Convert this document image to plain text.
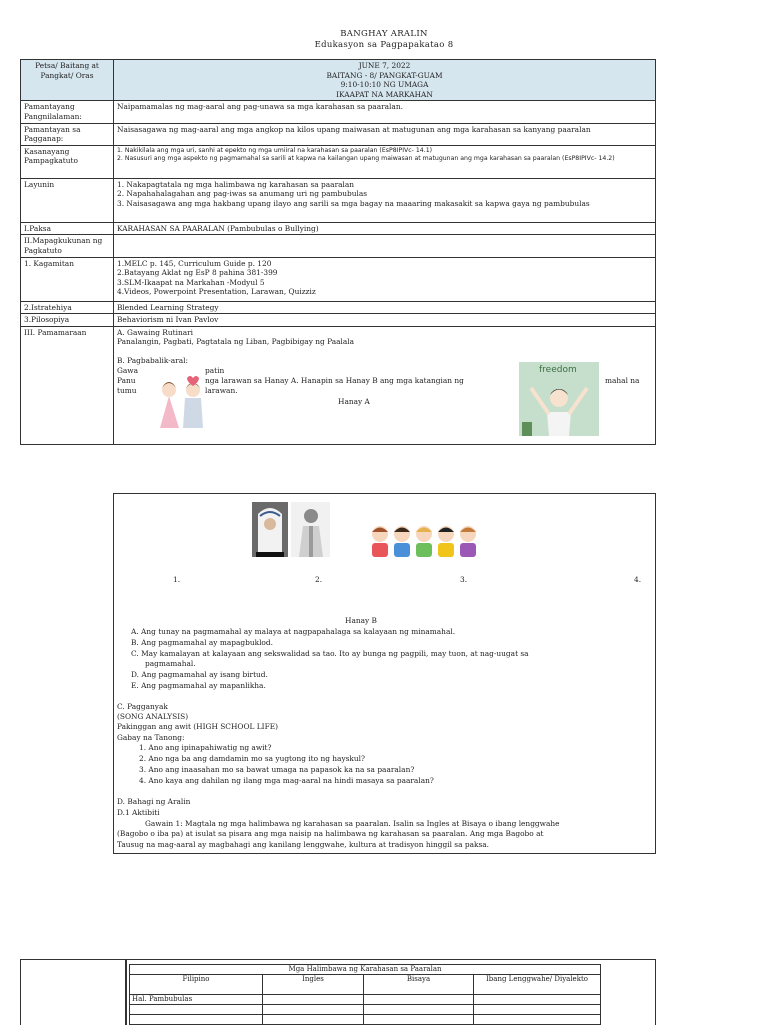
BANGHAY ARALIN
Edukasyon sa Pagpapakatao 8
Petsa/ Baitang at Pangkat/ Oras	JUNE 7, 2022
BAITANG - 8/ PANGKAT-GUAM
9:10-10:10 NG UMAGA
IKAAPAT NA MARKAHAN

Pamantayang Pangnilalaman:	Naipamamalas ng mag-aaral ang pag-unawa sa mga karahasan sa paaralan.
Pamantayan sa Pagganap:	Naisasagawa ng mag-aaral ang mga angkop na kilos upang maiwasan at matugunan ang mga karahasan sa kanyang paaralan
Kasanayang Pampagkatuto	1. Nakikilala ang mga uri, sanhi at epekto ng mga umiiral na karahasan sa paaralan (EsP8IPIVc- 14.1)
2. Nasusuri ang mga aspekto ng pagmamahal sa sarili at kapwa na kailangan upang maiwasan at matugunan ang mga karahasan sa paaralan (EsP8IPIVc- 14.2)

Layunin	1. Nakapagtatala ng mga halimbawa ng karahasan sa paaralan
2. Napahahalagahan ang pag-iwas sa anumang uri ng pambubulas
3. Naisasagawa ang mga hakbang upang ilayo ang sarili sa mga bagay na maaaring makasakit sa kapwa gaya ng pambubulas

I.Paksa	KARAHASAN SA PAARALAN (Pambubulas o Bullying)
II.Mapagkukunan ng Pagkatuto	
1. Kagamitan	1.MELC p. 145, Curriculum Guide p. 120
2.Batayang Aklat ng EsP 8 pahina 381-399
3.SLM-Ikaapat na Markahan -Modyul 5
4.Videos, Powerpoint Presentation, Larawan, Quizziz

2.Istratehiya	Blended Learning Strategy
3.Pilosopiya	Behaviorism ni Ivan Pavlov
III. Pamamaraan	A. Gawaing Rutinari
Panalangin, Pagbati, Pagtatala ng Liban, Pagbibigay ng Paalala
B. Pagbabalik-aral:
Gawa	patin
Panu	nga larawan sa Hanay A. Hanapin sa Hanay B ang mga katangian ng	mahal na
tumu	larawan.
Hanay A
freedom
1.	2.	3.	4.
Hanay B
A. Ang tunay na pagmamahal ay malaya at nagpapahalaga sa kalayaan ng minamahal.
B. Ang pagmamahal ay mapagbuklod.
C. May kamalayan at kalayaan ang sekswalidad sa tao. Ito ay bunga ng pagpili, may tuon, at nag-uugat sa
pagmamahal.
D. Ang pagmamahal ay isang birtud.
E. Ang pagmamahal ay mapanlikha.
C. Pagganyak
(SONG ANALYSIS)
Pakinggan ang awit (HIGH SCHOOL LIFE)
Gabay na Tanong:
1. Ano ang ipinapahiwatig ng awit?
2. Ano nga ba ang damdamin mo sa yugtong ito ng hayskul?
3. Ano ang inaasahan mo sa bawat umaga na papasok ka na sa paaralan?
4. Ano kaya ang dahilan ng ilang mga mag-aaral na hindi masaya sa paaralan?
D. Bahagi ng Aralin
D.1 Aktibiti
Gawain 1: Magtala ng mga halimbawa ng karahasan sa paaralan. Isalin sa Ingles at Bisaya o ibang lenggwahe
(Bagobo o iba pa) at isulat sa pisara ang mga naisip na halimbawa ng karahasan sa paaralan. Ang mga Bagobo at
Tausug na mag-aaral ay magbahagi ang kanilang lenggwahe, kultura at tradisyon hinggil sa paksa.
Mga Halimbawa ng Karahasan sa Paaralan			
Filipino	Ingles	Bisaya	Ibang Lenggwahe/ Diyalekto
Hal. Pambubulas			
